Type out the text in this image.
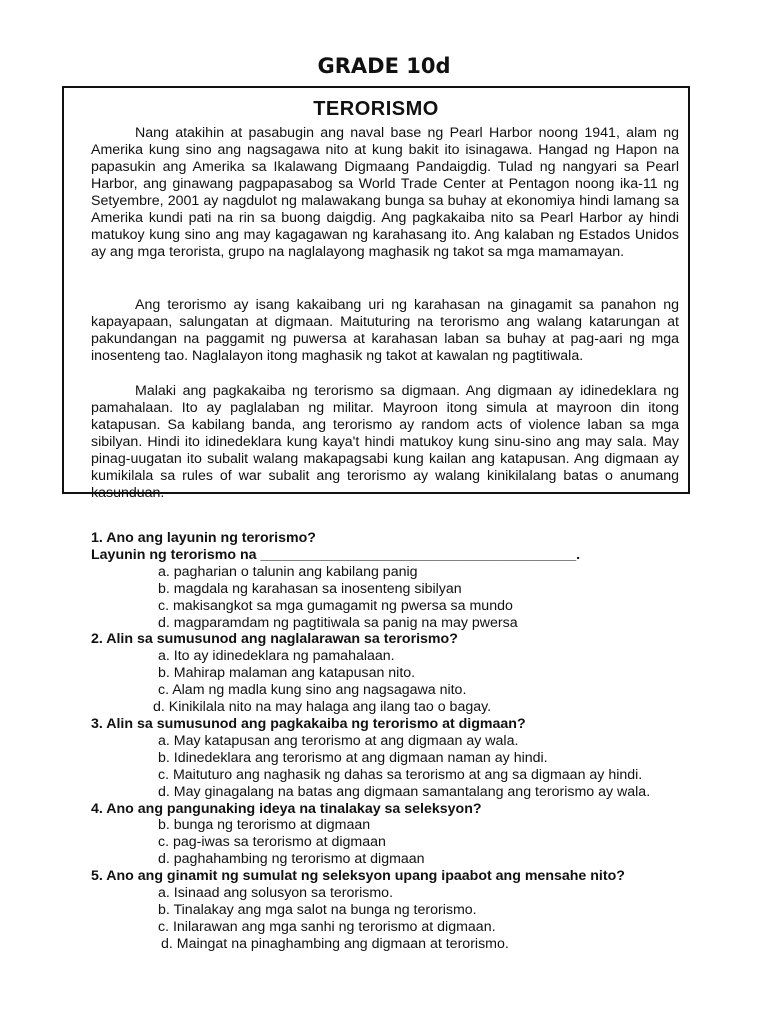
GRADE 10d
TERORISMO

Nang atakihin at pasabugin ang naval base ng Pearl Harbor noong 1941, alam ng Amerika kung sino ang nagsagawa nito at kung bakit ito isinagawa. Hangad ng Hapon na papasukin ang Amerika sa Ikalawang Digmaang Pandaigdig. Tulad ng nangyari sa Pearl Harbor, ang ginawang pagpapasabog sa World Trade Center at Pentagon noong ika-11 ng Setyembre, 2001 ay nagdulot ng malawakang bunga sa buhay at ekonomiya hindi lamang sa Amerika kundi pati na rin sa buong daigdig. Ang pagkakaiba nito sa Pearl Harbor ay hindi matukoy kung sino ang may kagagawan ng karahasang ito. Ang kalaban ng Estados Unidos ay ang mga terorista, grupo na naglalayong maghasik ng takot sa mga mamamayan.

Ang terorismo ay isang kakaibang uri ng karahasan na ginagamit sa panahon ng kapayapaan, salungatan at digmaan. Maituturing na terorismo ang walang katarungan at pakundangan na paggamit ng puwersa at karahasan laban sa buhay at pag-aari ng mga inosenteng tao. Naglalayon itong maghasik ng takot at kawalan ng pagtitiwala.

Malaki ang pagkakaiba ng terorismo sa digmaan. Ang digmaan ay idinedeklara ng pamahalaan. Ito ay paglalaban ng militar. Mayroon itong simula at mayroon din itong katapusan. Sa kabilang banda, ang terorismo ay random acts of violence laban sa mga sibilyan. Hindi ito idinedeklara kung kaya't hindi matukoy kung sinu-sino ang may sala. May pinag-uugatan ito subalit walang makapagsabi kung kailan ang katapusan. Ang digmaan ay kumikilala sa rules of war subalit ang terorismo ay walang kinikilalang batas o anumang kasunduan.

1. Ano ang layunin ng terorismo?
Layunin ng terorismo na ________________________________________.
a. pagharian o talunin ang kabilang panig
b. magdala ng karahasan sa inosenteng sibilyan
c. makisangkot sa mga gumagamit ng pwersa sa mundo
d. magparamdam ng pagtitiwala sa panig na may pwersa
2. Alin sa sumusunod ang naglalarawan sa terorismo?
a. Ito ay idinedeklara ng pamahalaan.
b. Mahirap malaman ang katapusan nito.
c. Alam ng madla kung sino ang nagsagawa nito.
d. Kinikilala nito na may halaga ang ilang tao o bagay.
3. Alin sa sumusunod ang pagkakaiba ng terorismo at digmaan?
a. May katapusan ang terorismo at ang digmaan ay wala.
b. Idinedeklara ang terorismo at ang digmaan naman ay hindi.
c. Maituturo ang naghasik ng dahas sa terorismo at ang sa digmaan ay hindi.
d. May ginagalang na batas ang digmaan samantalang ang terorismo ay wala.
4. Ano ang pangunaking ideya na tinalakay sa seleksyon?
b. bunga ng terorismo at digmaan
c. pag-iwas sa terorismo at digmaan
d. paghahambing ng terorismo at digmaan
5. Ano ang ginamit ng sumulat ng seleksyon upang ipaabot ang mensahe nito?
a. Isinaad ang solusyon sa terorismo.
b. Tinalakay ang mga salot na bunga ng terorismo.
c. Inilarawan ang mga sanhi ng terorismo at digmaan.
d. Maingat na pinaghambing ang digmaan at terorismo.
